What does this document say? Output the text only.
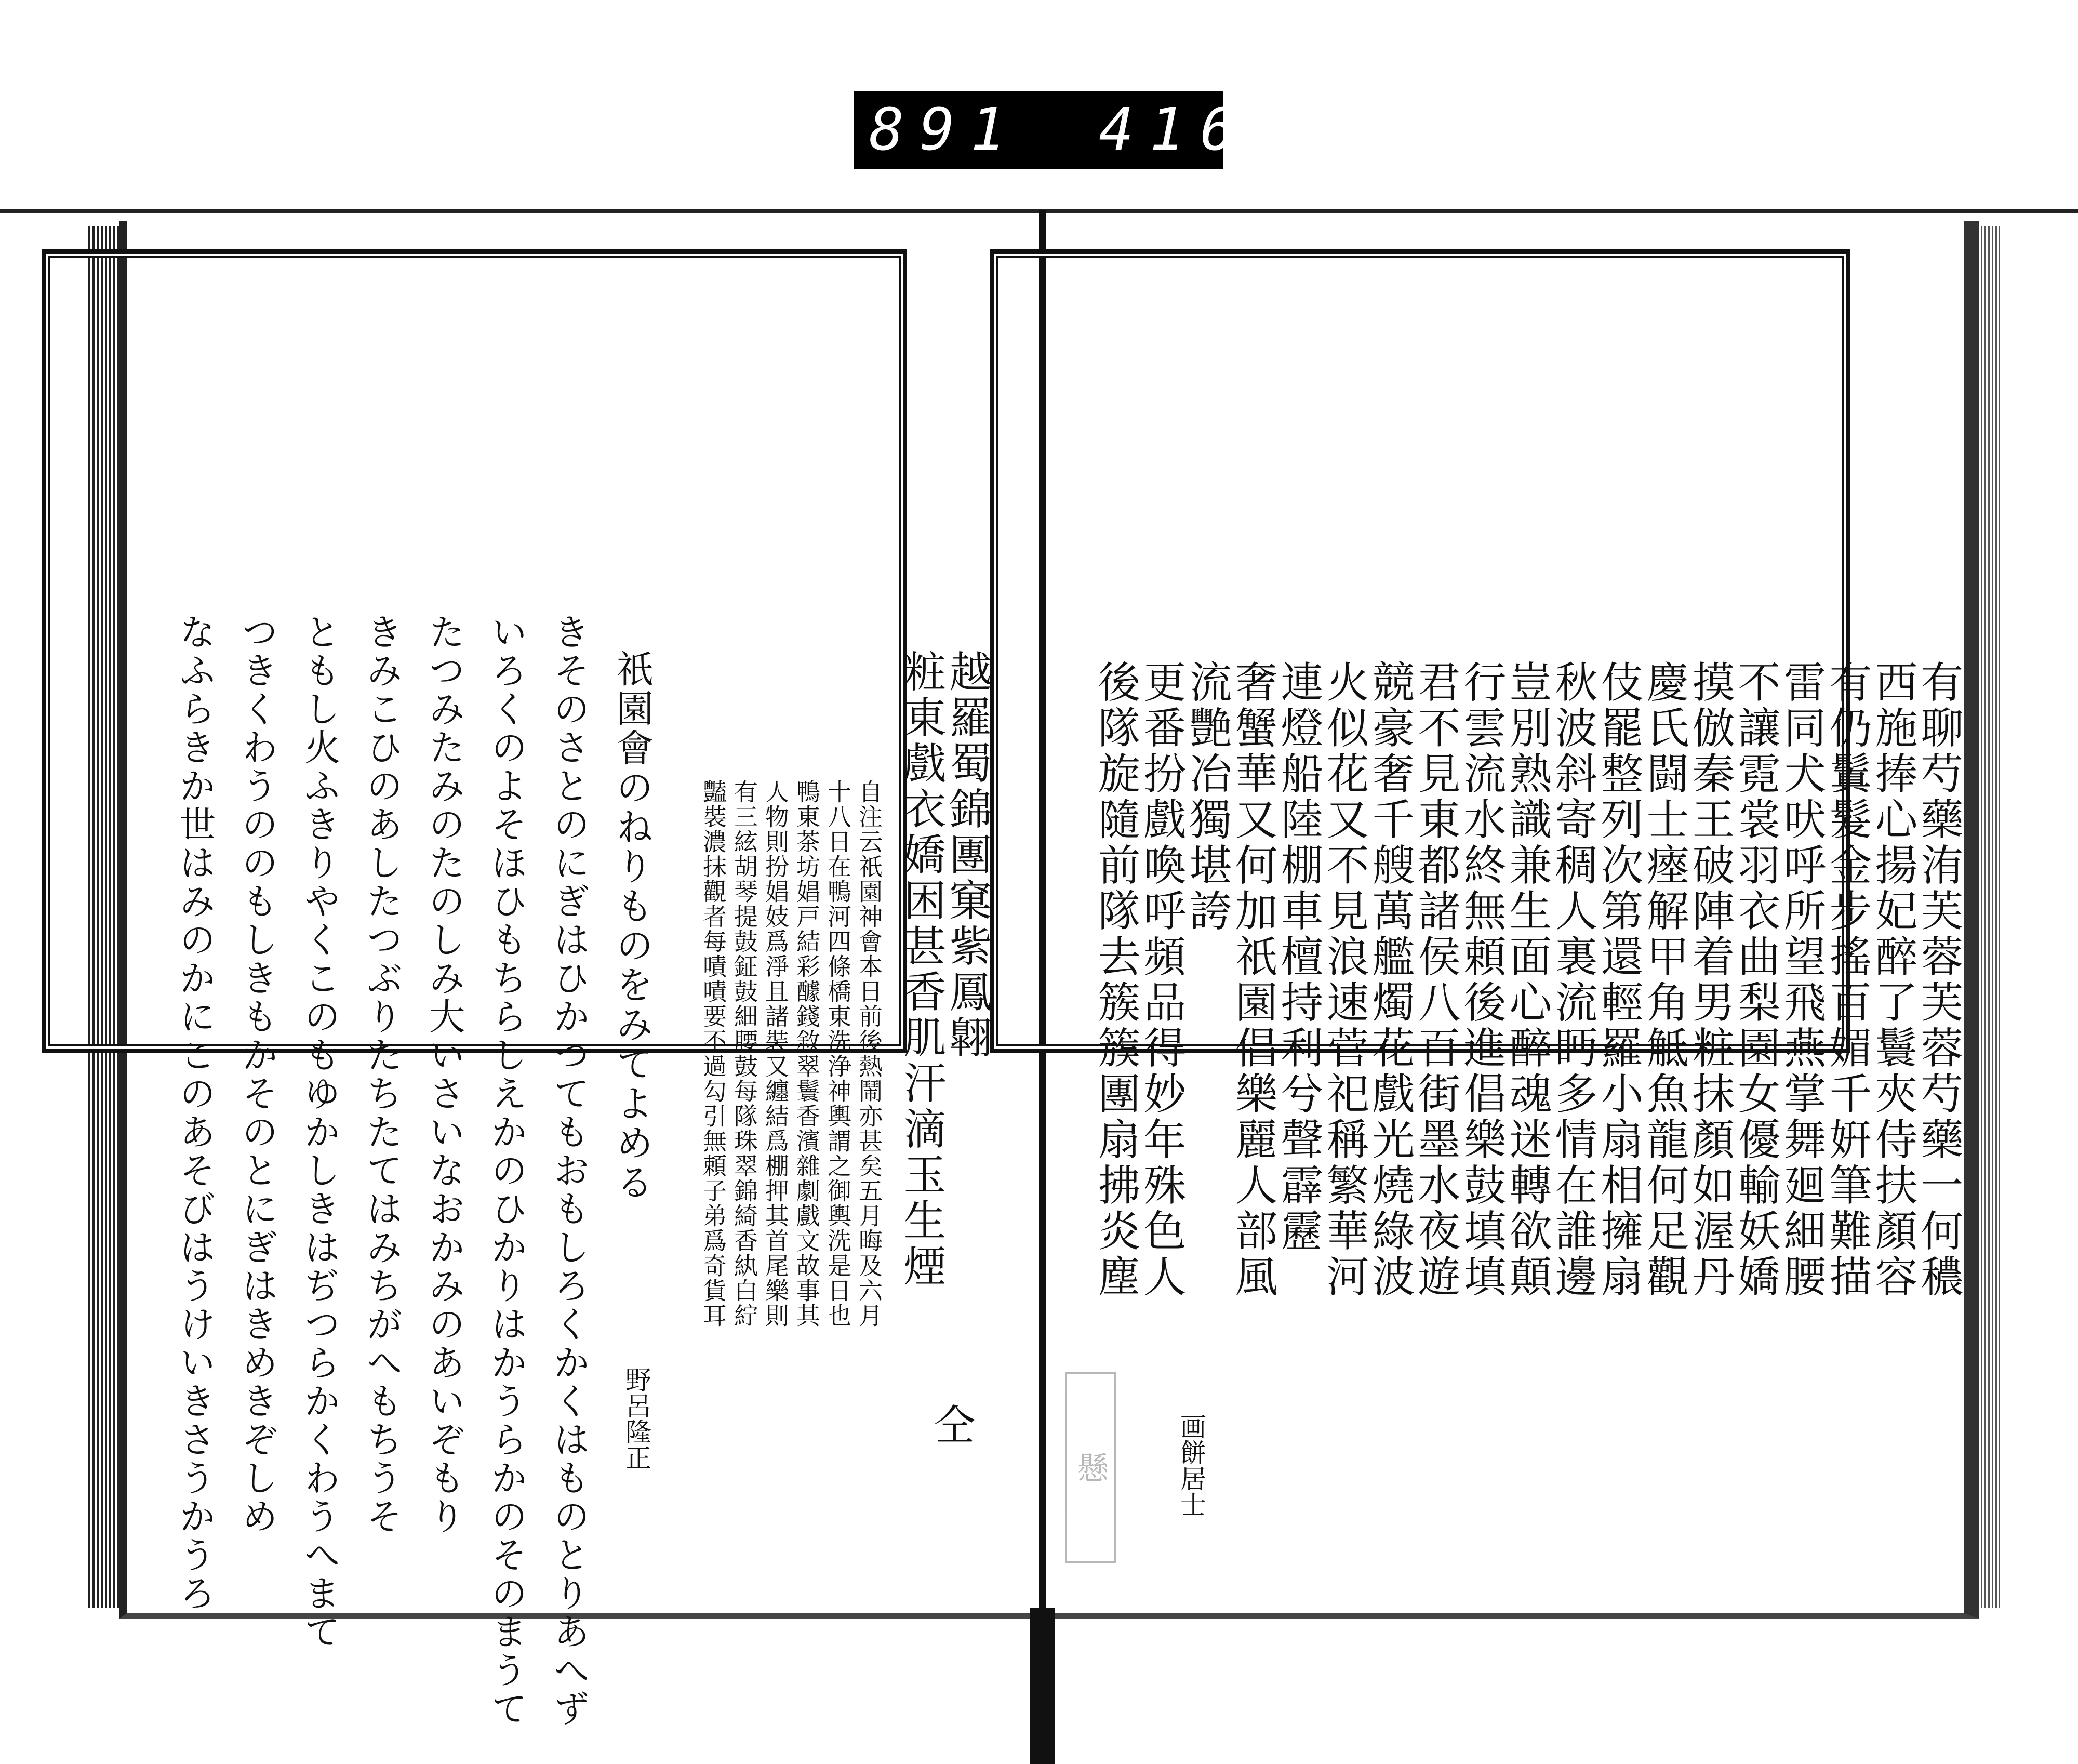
891 416.
有聊芍藥洧芙蓉芙蓉芍藥一何穠
西施捧心揚妃醉了鬟夾侍扶顏容
有仍鬒髮金步搖百媚千姸筆難描
雷同犬吠呼所望飛燕掌舞廻細腰
不讓霓裳羽衣曲梨園女優輸妖嬌
摸倣秦王破陣着男粧抹顏如渥丹
慶氏闘士瘞解甲角觝魚龍何足觀
伎罷整列次第還輕羅小扇相擁扇
秋波斜寄稠人裏流眄多情在誰邊
豈別熟識兼生面心醉魂迷轉欲顛
行雲流水終無頼後進倡樂鼓填填
君不見東都諸侯八百街墨水夜遊
競豪奢千艘萬艦燭花戲光燒綠波
火似花又不見浪速菅祀稱繁華河
連燈船陸棚車檀持利兮聲霹靂
奢蟹華又何加祇園倡樂麗人部風
流艷冶獨堪誇
更番扮戲喚呼頻品得妙年殊色人
後隊旋隨前隊去簇簇團扇拂炎塵
画餅居士
越羅蜀錦團窠紫鳳翺
粧東戲衣嬌困甚香肌汗滴玉生煙
仝
自注云祇園神會本日前後熱鬧亦甚矣五月晦及六月
十八日在鴨河四條橋東洗浄神輿謂之御輿洗是日也
鴨東茶坊娼戸結彩醵錢敘翠鬟香濱雜劇戲文故事其
人物則扮娼妓爲淨且諸裝又纏結爲棚押其首尾樂則
有三絃胡琴提鼓鉦鼓細腰鼓每隊珠翠錦綺香紈白紵
豔裝濃抹觀者每嘖嘖要不過勾引無頼子弟爲奇貨耳
祇園會のねりもの​をみてよめる
きそのさとのにぎはひかつてもおもしろくかくはものとりあへず
いろくのよそほひもちらしえかのひかりはかうらかのそのまうて
たつみたみのたのしみ大いさいなおかみのあいぞもり
きみこひのあしたつぶりたちたてはみちがへもちうそ
ともし火ふきりやくこのもゆかしきはぢつらかくわうへまて
つきくわうののもしきもかそのとにぎはきめきぞしめ
なふらきか世はみのかにこのあそびはうけいきさうかうろ	野呂隆正	懸
